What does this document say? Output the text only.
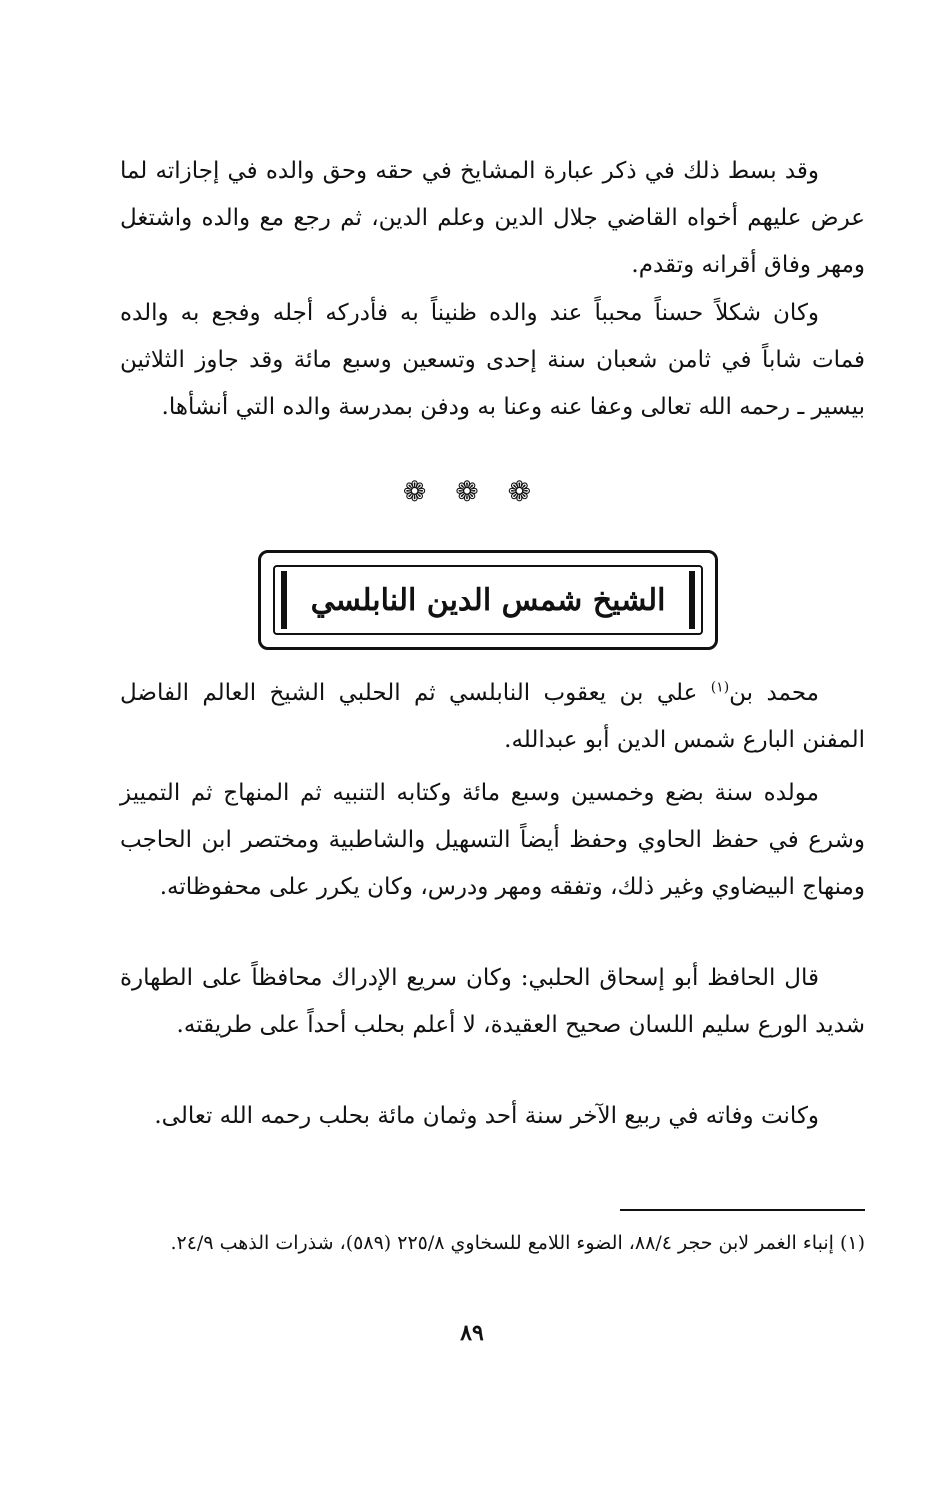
وقد بسط ذلك في ذكر عبارة المشايخ في حقه وحق والده في إجازاته لما عرض عليهم أخواه القاضي جلال الدين وعلم الدين، ثم رجع مع والده واشتغل ومهر وفاق أقرانه وتقدم.

وكان شكلاً حسناً محبباً عند والده ظنيناً به فأدركه أجله وفجع به والده فمات شاباً في ثامن شعبان سنة إحدى وتسعين وسبع مائة وقد جاوز الثلاثين بيسير ـ رحمه الله تعالى وعفا عنه وعنا به ودفن بمدرسة والده التي أنشأها.

❁ ❁ ❁
الشيخ شمس الدين النابلسي

محمد بن$^{(١)}$ علي بن يعقوب النابلسي ثم الحلبي الشيخ العالم الفاضل المفنن البارع شمس الدين أبو عبدالله.

مولده سنة بضع وخمسين وسبع مائة وكتابه التنبيه ثم المنهاج ثم التمييز وشرع في حفظ الحاوي وحفظ أيضاً التسهيل والشاطبية ومختصر ابن الحاجب ومنهاج البيضاوي وغير ذلك، وتفقه ومهر ودرس، وكان يكرر على محفوظاته.

قال الحافظ أبو إسحاق الحلبي: وكان سريع الإدراك محافظاً على الطهارة شديد الورع سليم اللسان صحيح العقيدة، لا أعلم بحلب أحداً على طريقته.

وكانت وفاته في ربيع الآخر سنة أحد وثمان مائة بحلب رحمه الله تعالى.

(١) إنباء الغمر لابن حجر ٨٨/٤، الضوء اللامع للسخاوي ٢٢٥/٨ (٥٨٩)، شذرات الذهب ٢٤/٩.

٨٩
